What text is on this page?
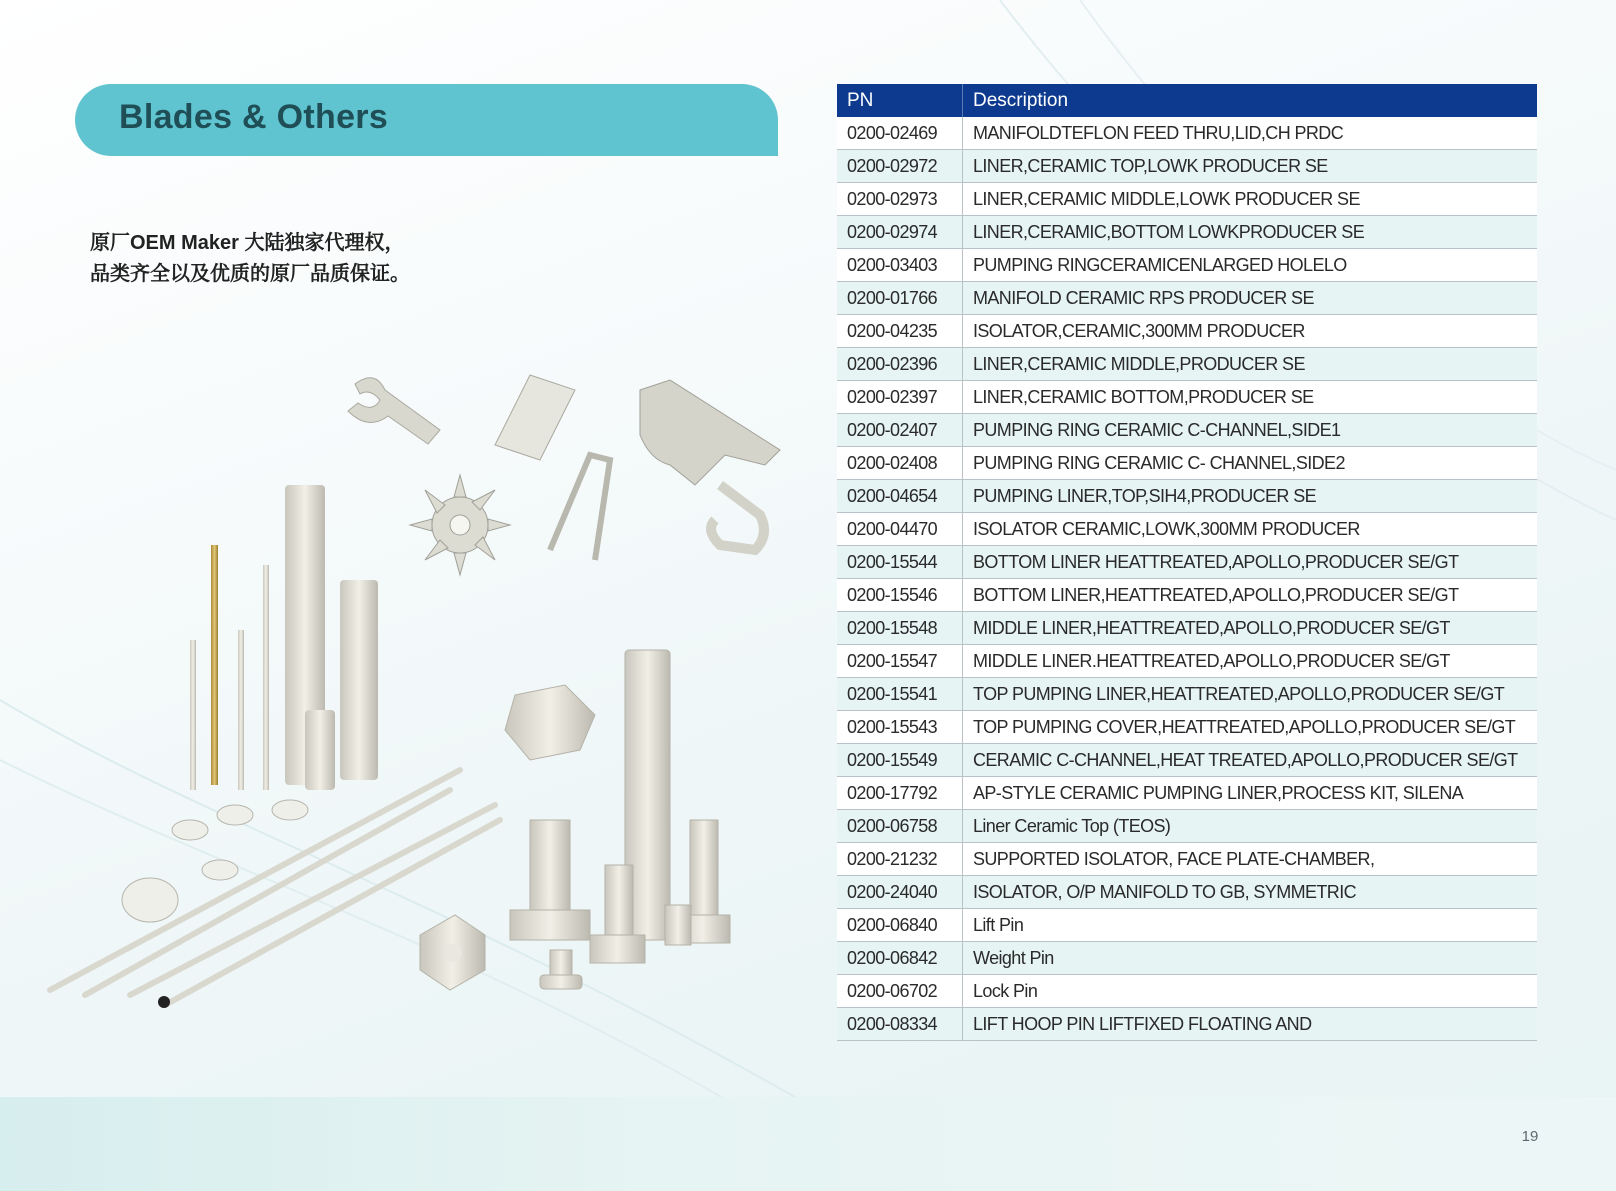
Blades & Others
原厂OEM Maker 大陆独家代理权，
品类齐全以及优质的原厂品质保证。
PN	Description
0200-02469	MANIFOLDTEFLON FEED THRU,LID,CH PRDC
0200-02972	LINER,CERAMIC TOP,LOWK PRODUCER SE
0200-02973	LINER,CERAMIC MIDDLE,LOWK PRODUCER SE
0200-02974	LINER,CERAMIC,BOTTOM LOWKPRODUCER SE
0200-03403	PUMPING RINGCERAMICENLARGED HOLELO
0200-01766	MANIFOLD CERAMIC RPS PRODUCER SE
0200-04235	ISOLATOR,CERAMIC,300MM PRODUCER
0200-02396	LINER,CERAMIC MIDDLE,PRODUCER SE
0200-02397	LINER,CERAMIC BOTTOM,PRODUCER SE
0200-02407	PUMPING RING CERAMIC C-CHANNEL,SIDE1
0200-02408	PUMPING RING CERAMIC C- CHANNEL,SIDE2
0200-04654	PUMPING LINER,TOP,SIH4,PRODUCER SE
0200-04470	ISOLATOR CERAMIC,LOWK,300MM PRODUCER
0200-15544	BOTTOM LINER HEATTREATED,APOLLO,PRODUCER SE/GT
0200-15546	BOTTOM LINER,HEATTREATED,APOLLO,PRODUCER SE/GT
0200-15548	MIDDLE LINER,HEATTREATED,APOLLO,PRODUCER SE/GT
0200-15547	MIDDLE LINER.HEATTREATED,APOLLO,PRODUCER SE/GT
0200-15541	TOP PUMPING LINER,HEATTREATED,APOLLO,PRODUCER SE/GT
0200-15543	TOP PUMPING COVER,HEATTREATED,APOLLO,PRODUCER SE/GT
0200-15549	CERAMIC C-CHANNEL,HEAT TREATED,APOLLO,PRODUCER SE/GT
0200-17792	AP-STYLE CERAMIC PUMPING LINER,PROCESS KIT, SILENA
0200-06758	Liner Ceramic Top (TEOS)
0200-21232	SUPPORTED ISOLATOR, FACE PLATE-CHAMBER,
0200-24040	ISOLATOR, O/P MANIFOLD TO GB, SYMMETRIC
0200-06840	Lift Pin
0200-06842	Weight Pin
0200-06702	Lock Pin
0200-08334	LIFT HOOP PIN LIFTFIXED FLOATING AND
19
